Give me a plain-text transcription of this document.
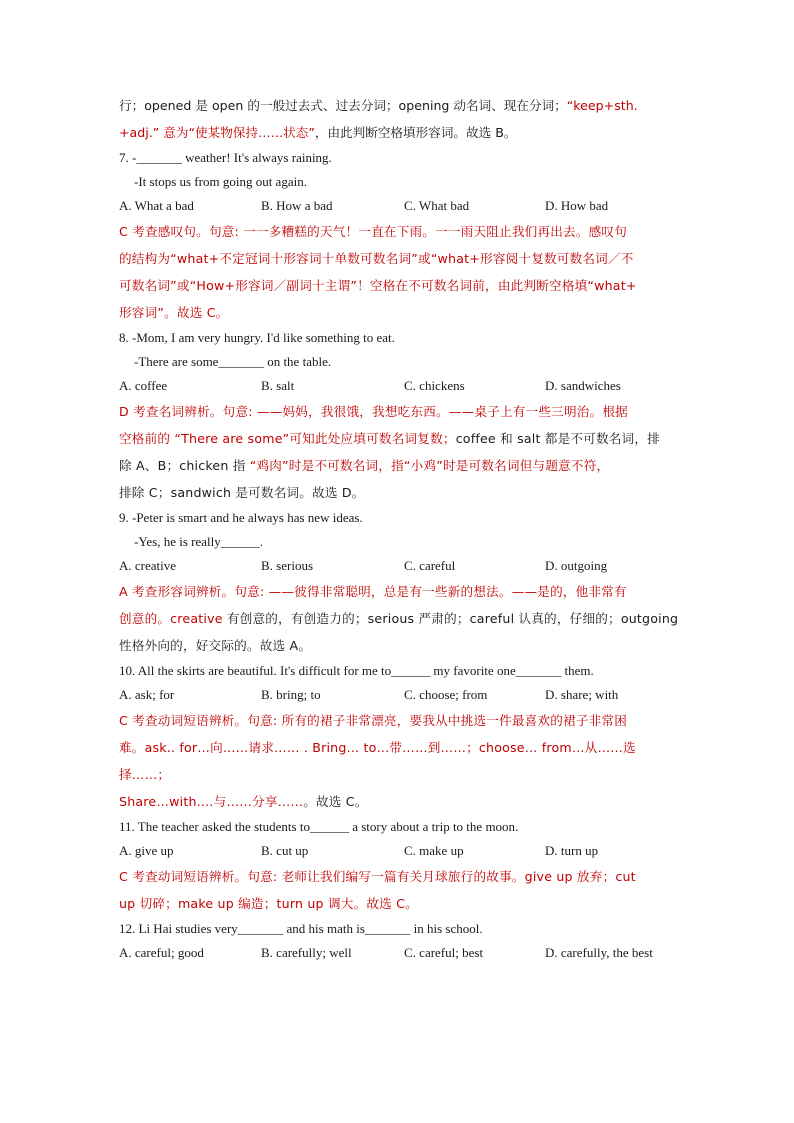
行；opened 是 open 的一般过去式、过去分词；opening 动名词、现在分词；“keep+sth.
+adj.” 意为“使某物保持……状态”，由此判断空格填形容词。故选 B。
7. -_______ weather! It's always raining.
-It stops us from going out again.
A. What a bad	B. How a bad	C. What bad	D. How bad
C 考查感叹句。句意: 一一多糟糕的天气！一直在下雨。一一雨天阻止我们再出去。感叹句
的结构为“what+不定冠词十形容词十单数可数名词”或“what+形容阅十复数可数名词／不
可数名词”或“How+形容词／副词十主谓”！空格在不可数名词前，由此判断空格填“what+
形容词”。故选 C。
8. -Mom, I am very hungry. I'd like something to eat.
-There are some_______ on the table.
A. coffee	B. salt	C. chickens	D. sandwiches
D 考查名词辨析。句意: ——妈妈，我很饿，我想吃东西。——桌子上有一些三明治。根据
空格前的 “There are some”可知此处应填可数名词复数；coffee 和 salt 都是不可数名词，排
除 A、B；chicken 指 “鸡肉”时是不可数名词，指“小鸡”时是可数名词但与题意不符，
排除 C；sandwich 是可数名词。故选 D。
9. -Peter is smart and he always has new ideas.
-Yes, he is really______.
A. creative	B. serious	C. careful	D. outgoing
A 考查形容词辨析。句意: ——彼得非常聪明，总是有一些新的想法。——是的，他非常有
创意的。creative 有创意的，有创造力的；serious 严肃的；careful 认真的，仔细的；outgoing
性格外向的，好交际的。故选 A。
10. All the skirts are beautiful. It's difficult for me to______ my favorite one_______ them.
A. ask; for	B. bring; to	C. choose; from	D. share; with
C 考查动词短语辨析。句意: 所有的裙子非常漂亮，要我从中挑选一件最喜欢的裙子非常困
难。ask.. for…向……请求…… . Bring… to…带……到……；choose… from…从……选
择……；
Share…with.…与……分享……。故选 C。
11. The teacher asked the students to______ a story about a trip to the moon.
A. give up	B. cut up	C. make up	D. turn up
C 考查动词短语辨析。句意: 老师让我们编写一篇有关月球旅行的故事。give up 放弃；cut
up 切碎；make up 编造；turn up 调大。故选 C。
12. Li Hai studies very_______ and his math is_______ in his school.
A. careful; good	B. carefully; well	C. careful; best	D. carefully, the best
